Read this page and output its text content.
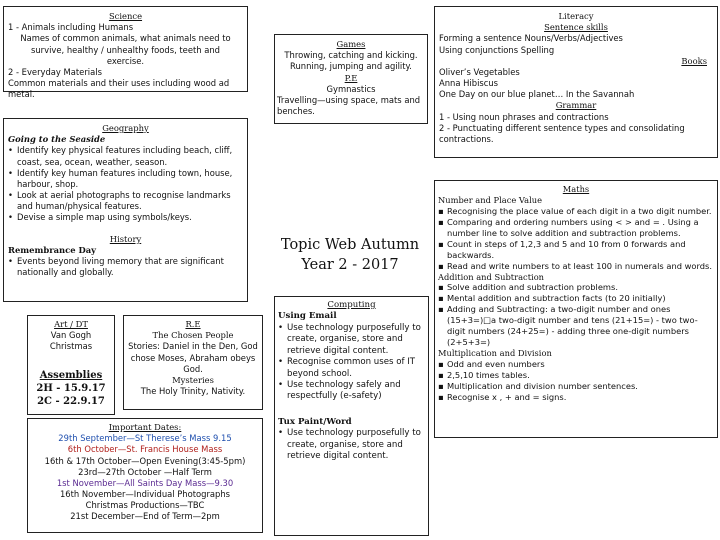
Science
1 - Animals including Humans
Names of common animals, what animals need to survive, healthy / unhealthy foods, teeth and exercise.
2 - Everyday Materials
Common materials and their uses including wood ad metal.
Geography
Going to the Seaside
• Identify key physical features including beach, cliff, coast, sea, ocean, weather, season.
• Identify key human features including town, house, harbour, shop.
• Look at aerial photographs to recognise landmarks and human/physical features.
• Devise a simple map using symbols/keys.
History
Remembrance Day
• Events beyond living memory that are significant nationally and globally.
Games
Throwing, catching and kicking.
Running, jumping and agility.
P.E
Gymnastics
Travelling—using space, mats and benches.
Literacy
Sentence skills
Forming a sentence Nouns/Verbs/Adjectives
Using conjunctions Spelling
Books
Oliver’s Vegetables
Anna Hibiscus
One Day on our blue planet… In the Savannah
Grammar
1 - Using noun phrases and contractions
2 - Punctuating different sentence types and consolidating contractions.
Topic Web Autumn
Year 2 - 2017
Art / DT
Van Gogh
Christmas
Assemblies
2H - 15.9.17
2C - 22.9.17
R.E
The Chosen People
Stories: Daniel in the Den, God chose Moses, Abraham obeys God.
Mysteries
The Holy Trinity, Nativity.
Important Dates:
29th September—St Therese’s Mass 9.15
6th October—St. Francis House Mass
16th & 17th October—Open Evening(3:45-5pm)
23rd—27th October —Half Term
1st November—All Saints Day Mass—9.30
16th November—Individual Photographs
Christmas Productions—TBC
21st December—End of Term—2pm
Computing
Using Email
• Use technology purposefully to create, organise, store and retrieve digital content.
• Recognise common uses of IT beyond school.
• Use technology safely and respectfully (e-safety)
Tux Paint/Word
• Use technology purposefully to create, organise, store and retrieve digital content.
Maths
Number and Place Value
▪ Recognising the place value of each digit in a two digit number.
▪ Comparing and ordering numbers using < > and = . Using a number line to solve addition and subtraction problems.
▪ Count in steps of 1,2,3 and 5 and 10 from 0 forwards and backwards.
▪ Read and write numbers to at least 100 in numerals and words.
Addition and Subtraction
▪ Solve addition and subtraction problems.
▪ Mental addition and subtraction facts (to 20 initially)
▪ Adding and Subtracting: a two-digit number and ones (15+3=)□a two-digit number and tens (21+15=) - two two-digit numbers (24+25=) - adding three one-digit numbers (2+5+3=)
Multiplication and Division
▪ Odd and even numbers
▪ 2,5,10 times tables.
▪ Multiplication and division number sentences.
▪ Recognise x , + and = signs.
